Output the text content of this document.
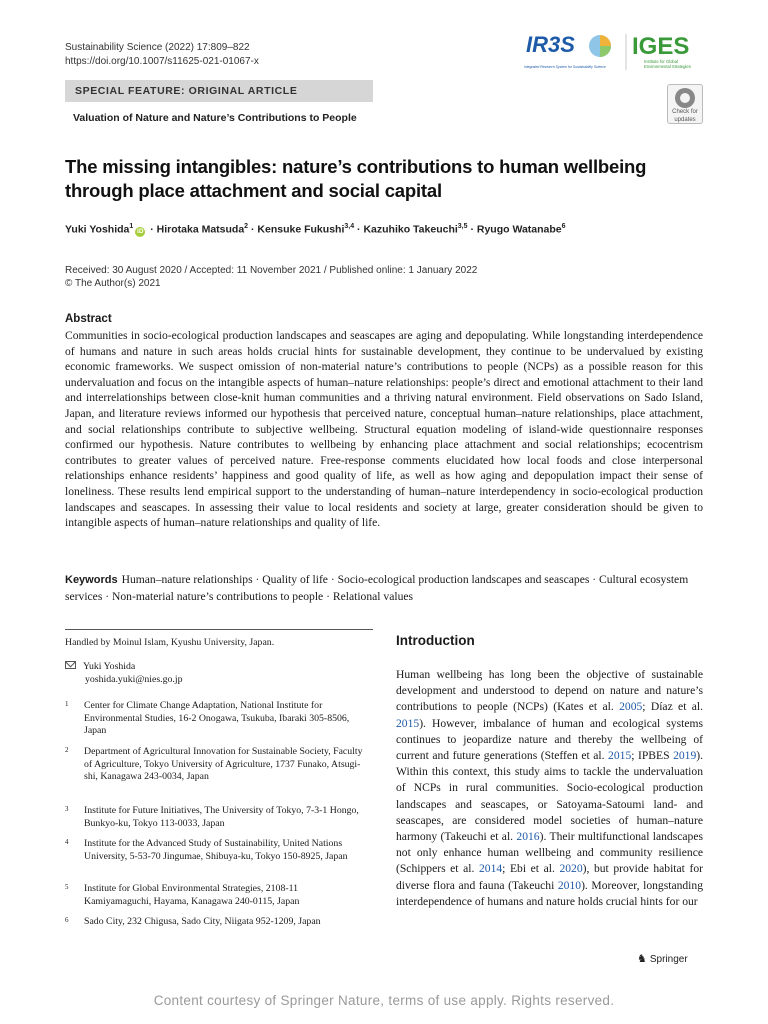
Sustainability Science (2022) 17:809–822
https://doi.org/10.1007/s11625-021-01067-x
IR3S
Integrated Research System for Sustainability Science
IGES
Institute for Global
Environmental Strategies
SPECIAL FEATURE: ORIGINAL ARTICLE
Valuation of Nature and Nature’s Contributions to People	Check for
updates
The missing intangibles: nature’s contributions to human wellbeing through place attachment and social capital
Yuki Yoshida$^1$iD · Hirotaka Matsuda$^2$ · Kensuke Fukushi$^{3,4}$ · Kazuhiko Takeuchi$^{3,5}$ · Ryugo Watanabe$^6$
Received: 30 August 2020 / Accepted: 11 November 2021 / Published online: 1 January 2022
© The Author(s) 2021
Abstract

Communities in socio-ecological production landscapes and seascapes are aging and depopulating. While longstanding interdependence of humans and nature in such areas holds crucial hints for sustainable development, they continue to be undervalued by existing economic frameworks. We suspect omission of non-material nature’s contributions to people (NCPs) as a possible reason for this undervaluation and focus on the intangible aspects of human–nature relationships: people’s direct and emotional attachment to their land and interrelationships between close-knit human communities and a thriving natural environment. Field observations on Sado Island, Japan, and literature reviews informed our hypothesis that perceived nature, conceptual human–nature relationships, place attachment, and social relationships contribute to subjective wellbeing. Structural equation modeling of island-wide questionnaire responses confirmed our hypothesis. Nature contributes to wellbeing by enhancing place attachment and social relationships; ecocentrism contributes to greater values of perceived nature. Free-response comments elucidated how local foods and close interpersonal relationships enhance residents’ happiness and good quality of life, as well as how aging and depopulation impact their sense of loneliness. These results lend empirical support to the understanding of human–nature interdependency in socio-ecological production landscapes and seascapes. In assessing their value to local residents and society at large, greater consideration should be given to intangible aspects of human–nature relationships and quality of life.

Keywords Human–nature relationships · Quality of life · Socio-ecological production landscapes and seascapes · Cultural ecosystem services · Non-material nature’s contributions to people · Relational values
Handled by Moinul Islam, Kyushu University, Japan.
Yuki Yoshida
yoshida.yuki@nies.go.jp
1	Center for Climate Change Adaptation, National Institute for Environmental Studies, 16-2 Onogawa, Tsukuba, Ibaraki 305-8506, Japan
2	Department of Agricultural Innovation for Sustainable Society, Faculty of Agriculture, Tokyo University of Agriculture, 1737 Funako, Atsugi-shi, Kanagawa 243-0034, Japan
3	Institute for Future Initiatives, The University of Tokyo, 7-3-1 Hongo, Bunkyo-ku, Tokyo 113-0033, Japan
4	Institute for the Advanced Study of Sustainability, United Nations University, 5-53-70 Jingumae, Shibuya-ku, Tokyo 150-8925, Japan
5	Institute for Global Environmental Strategies, 2108-11 Kamiyamaguchi, Hayama, Kanagawa 240-0115, Japan
6	Sado City, 232 Chigusa, Sado City, Niigata 952-1209, Japan
Introduction

Human wellbeing has long been the objective of sustainable development and understood to depend on nature and nature’s contributions to people (NCPs) (Kates et al. 2005; Díaz et al. 2015). However, imbalance of human and ecological systems continues to jeopardize nature and thereby the wellbeing of current and future generations (Steffen et al. 2015; IPBES 2019). Within this context, this study aims to tackle the undervaluation of NCPs in rural communities. Socio-ecological production landscapes and seascapes, or Satoyama-Satoumi land- and seascapes, are considered model societies of human–nature harmony (Takeuchi et al. 2016). Their multifunctional landscapes not only enhance human wellbeing and community resilience (Schippers et al. 2014; Ebi et al. 2020), but provide habitat for diverse flora and fauna (Takeuchi 2010). Moreover, longstanding interdependence of humans and nature holds crucial hints for our

♞ Springer
Content courtesy of Springer Nature, terms of use apply. Rights reserved.
